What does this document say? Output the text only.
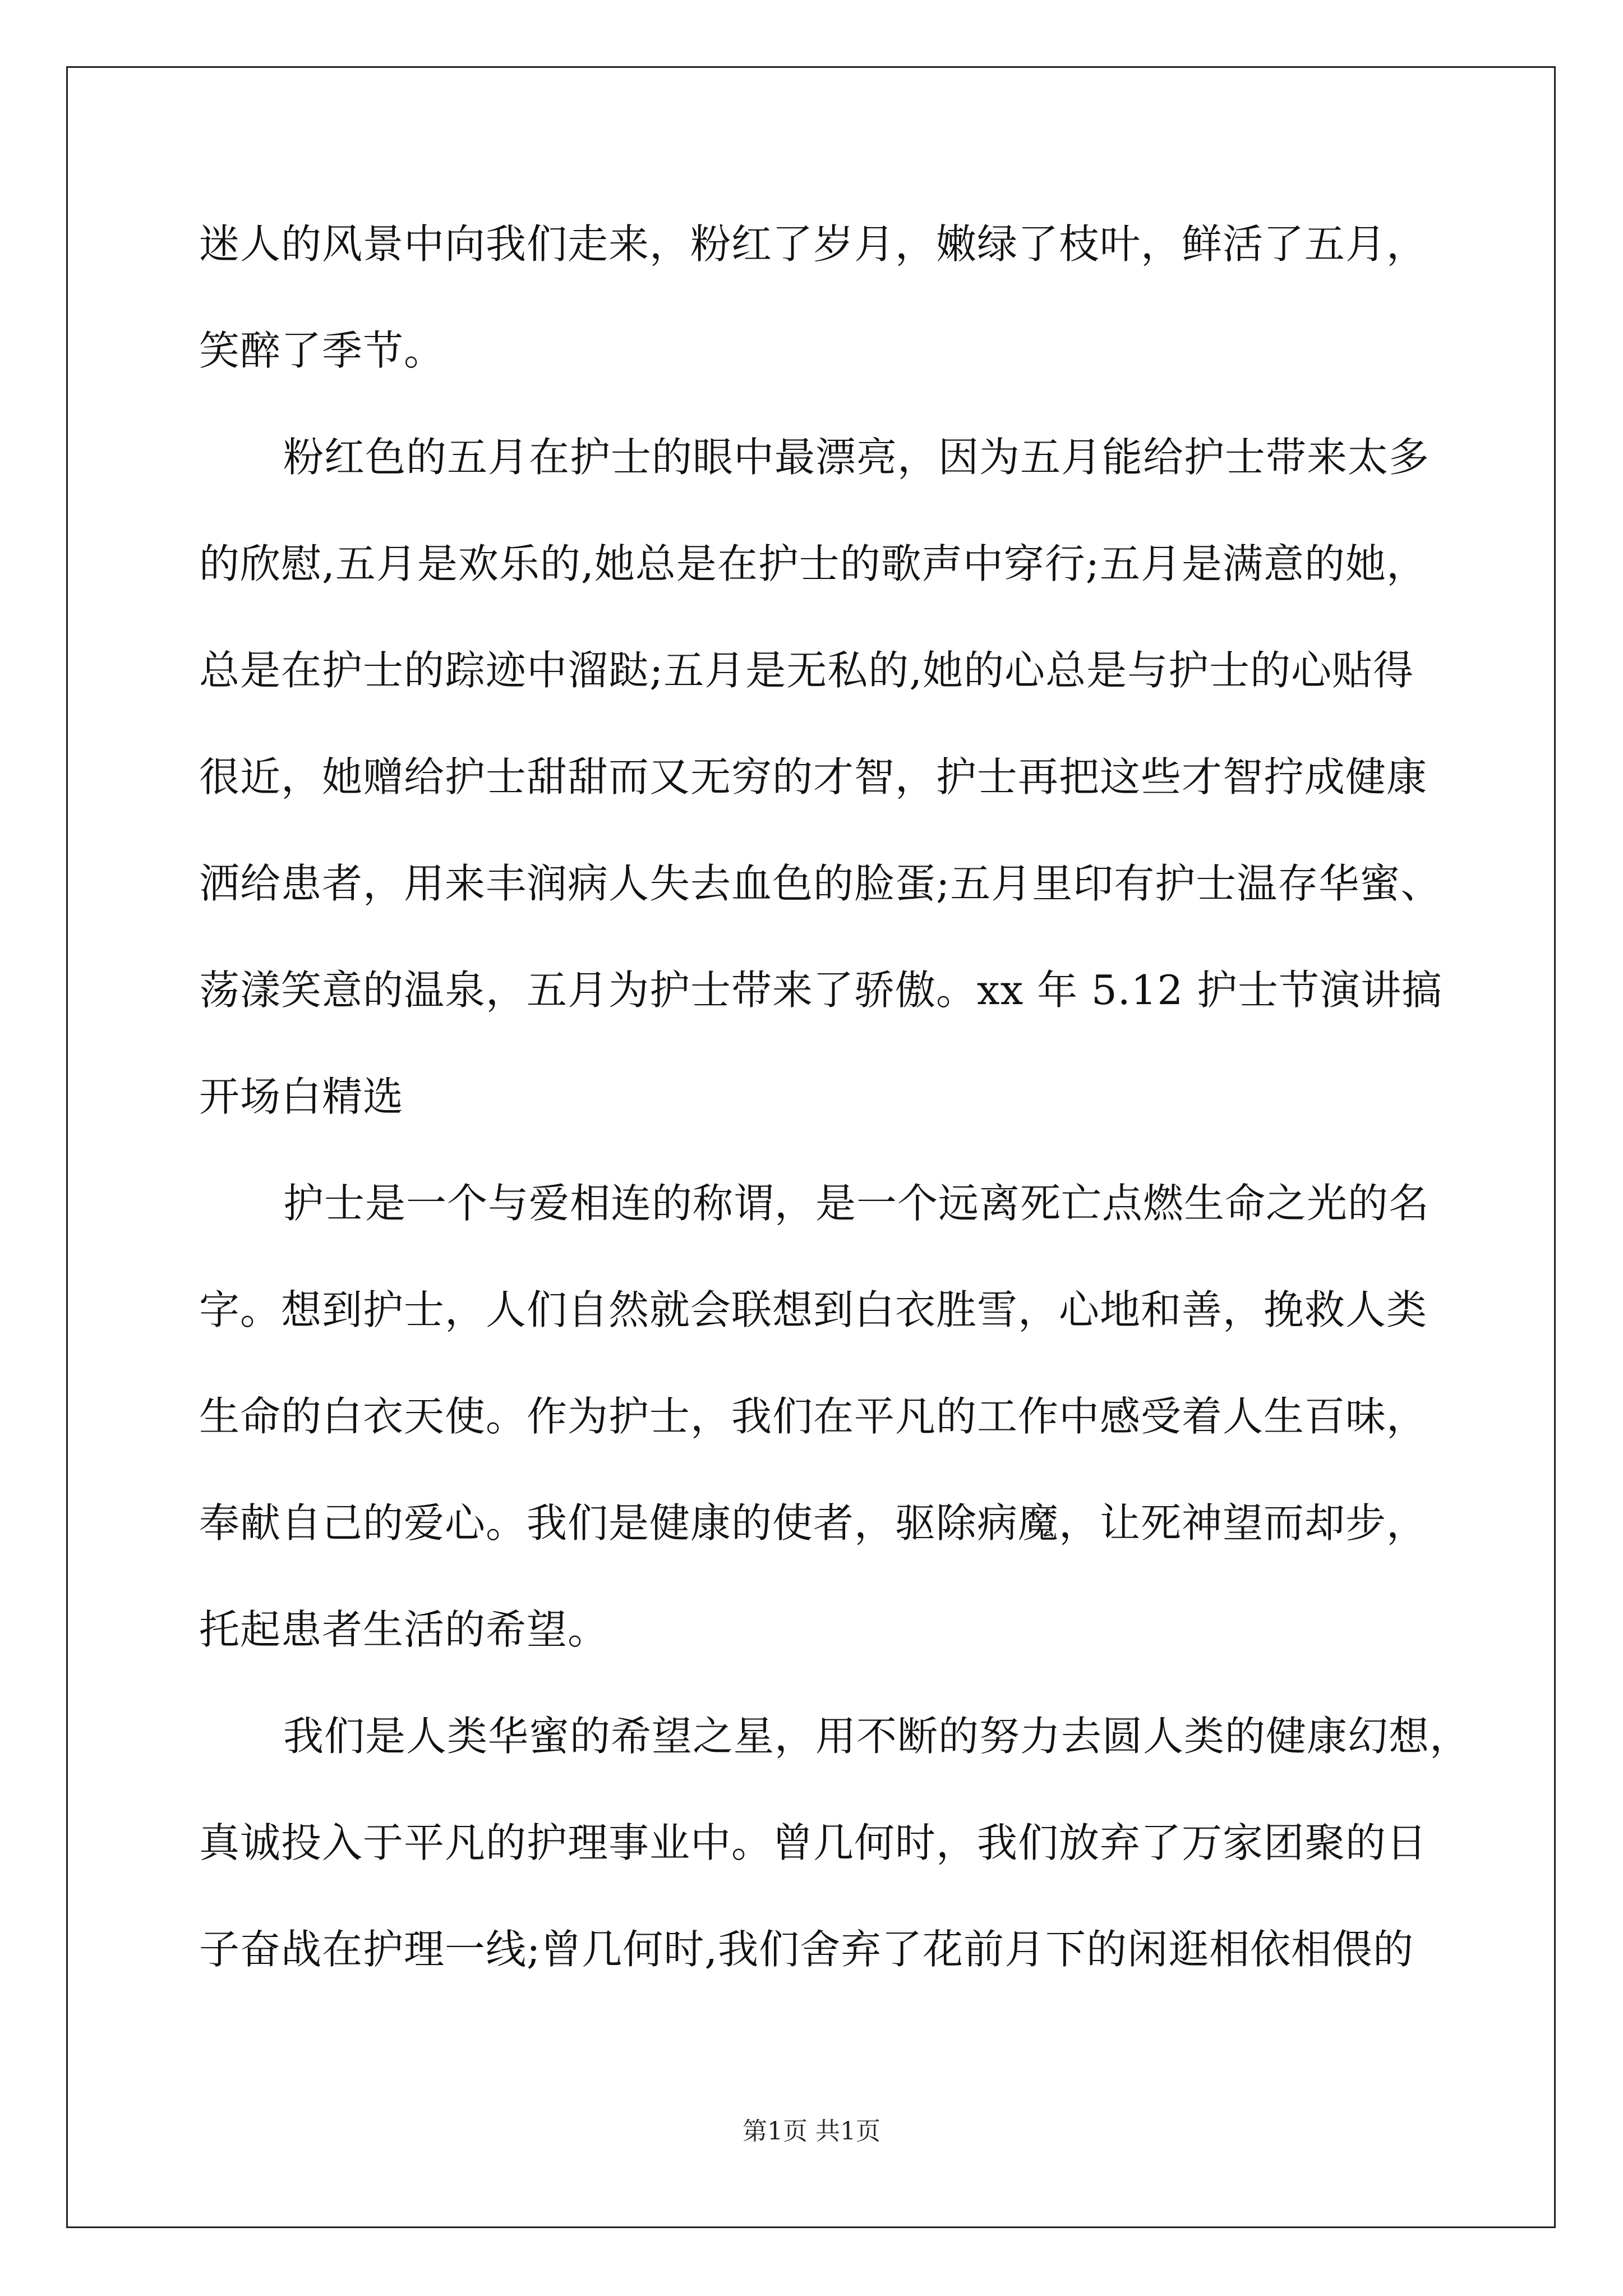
迷人的风景中向我们走来，粉红了岁月，嫩绿了枝叶，鲜活了五月，
笑醉了季节。
粉红色的五月在护士的眼中最漂亮，因为五月能给护士带来太多
的欣慰,五月是欢乐的,她总是在护士的歌声中穿行;五月是满意的她，
总是在护士的踪迹中溜跶;五月是无私的,她的心总是与护士的心贴得
很近，她赠给护士甜甜而又无穷的才智，护士再把这些才智拧成健康
洒给患者，用来丰润病人失去血色的脸蛋;五月里印有护士温存华蜜、
荡漾笑意的温泉，五月为护士带来了骄傲。xx 年 5.12 护士节演讲搞
开场白精选
护士是一个与爱相连的称谓，是一个远离死亡点燃生命之光的名
字。想到护士，人们自然就会联想到白衣胜雪，心地和善，挽救人类
生命的白衣天使。作为护士，我们在平凡的工作中感受着人生百味，
奉献自己的爱心。我们是健康的使者，驱除病魔，让死神望而却步，
托起患者生活的希望。
我们是人类华蜜的希望之星，用不断的努力去圆人类的健康幻想，
真诚投入于平凡的护理事业中。曾几何时，我们放弃了万家团聚的日
子奋战在护理一线;曾几何时,我们舍弃了花前月下的闲逛相依相偎的
第1页 共1页
